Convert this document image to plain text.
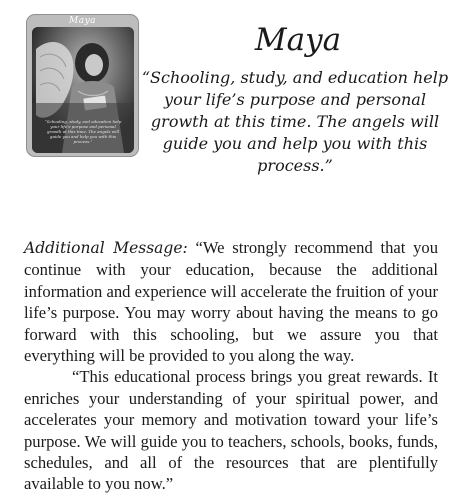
Maya
“Schooling, study, and education help your life’s purpose and personal growth at this time. The angels will guide you and help you with this process.”
Maya
“Schooling, study, and education help your life’s purpose and personal growth at this time. The angels will guide you and help you with this process.”

Additional Message: “We strongly recommend that you continue with your education, because the additional information and experience will accelerate the fruition of your life’s purpose. You may worry about having the means to go forward with this schooling, but we assure you that everything will be provided to you along the way.

“This educational process brings you great rewards. It enriches your understanding of your spiritual power, and accelerates your memory and motivation toward your life’s purpose. We will guide you to teachers, schools, books, funds, schedules, and all of the resources that are plentifully available to you now.”
